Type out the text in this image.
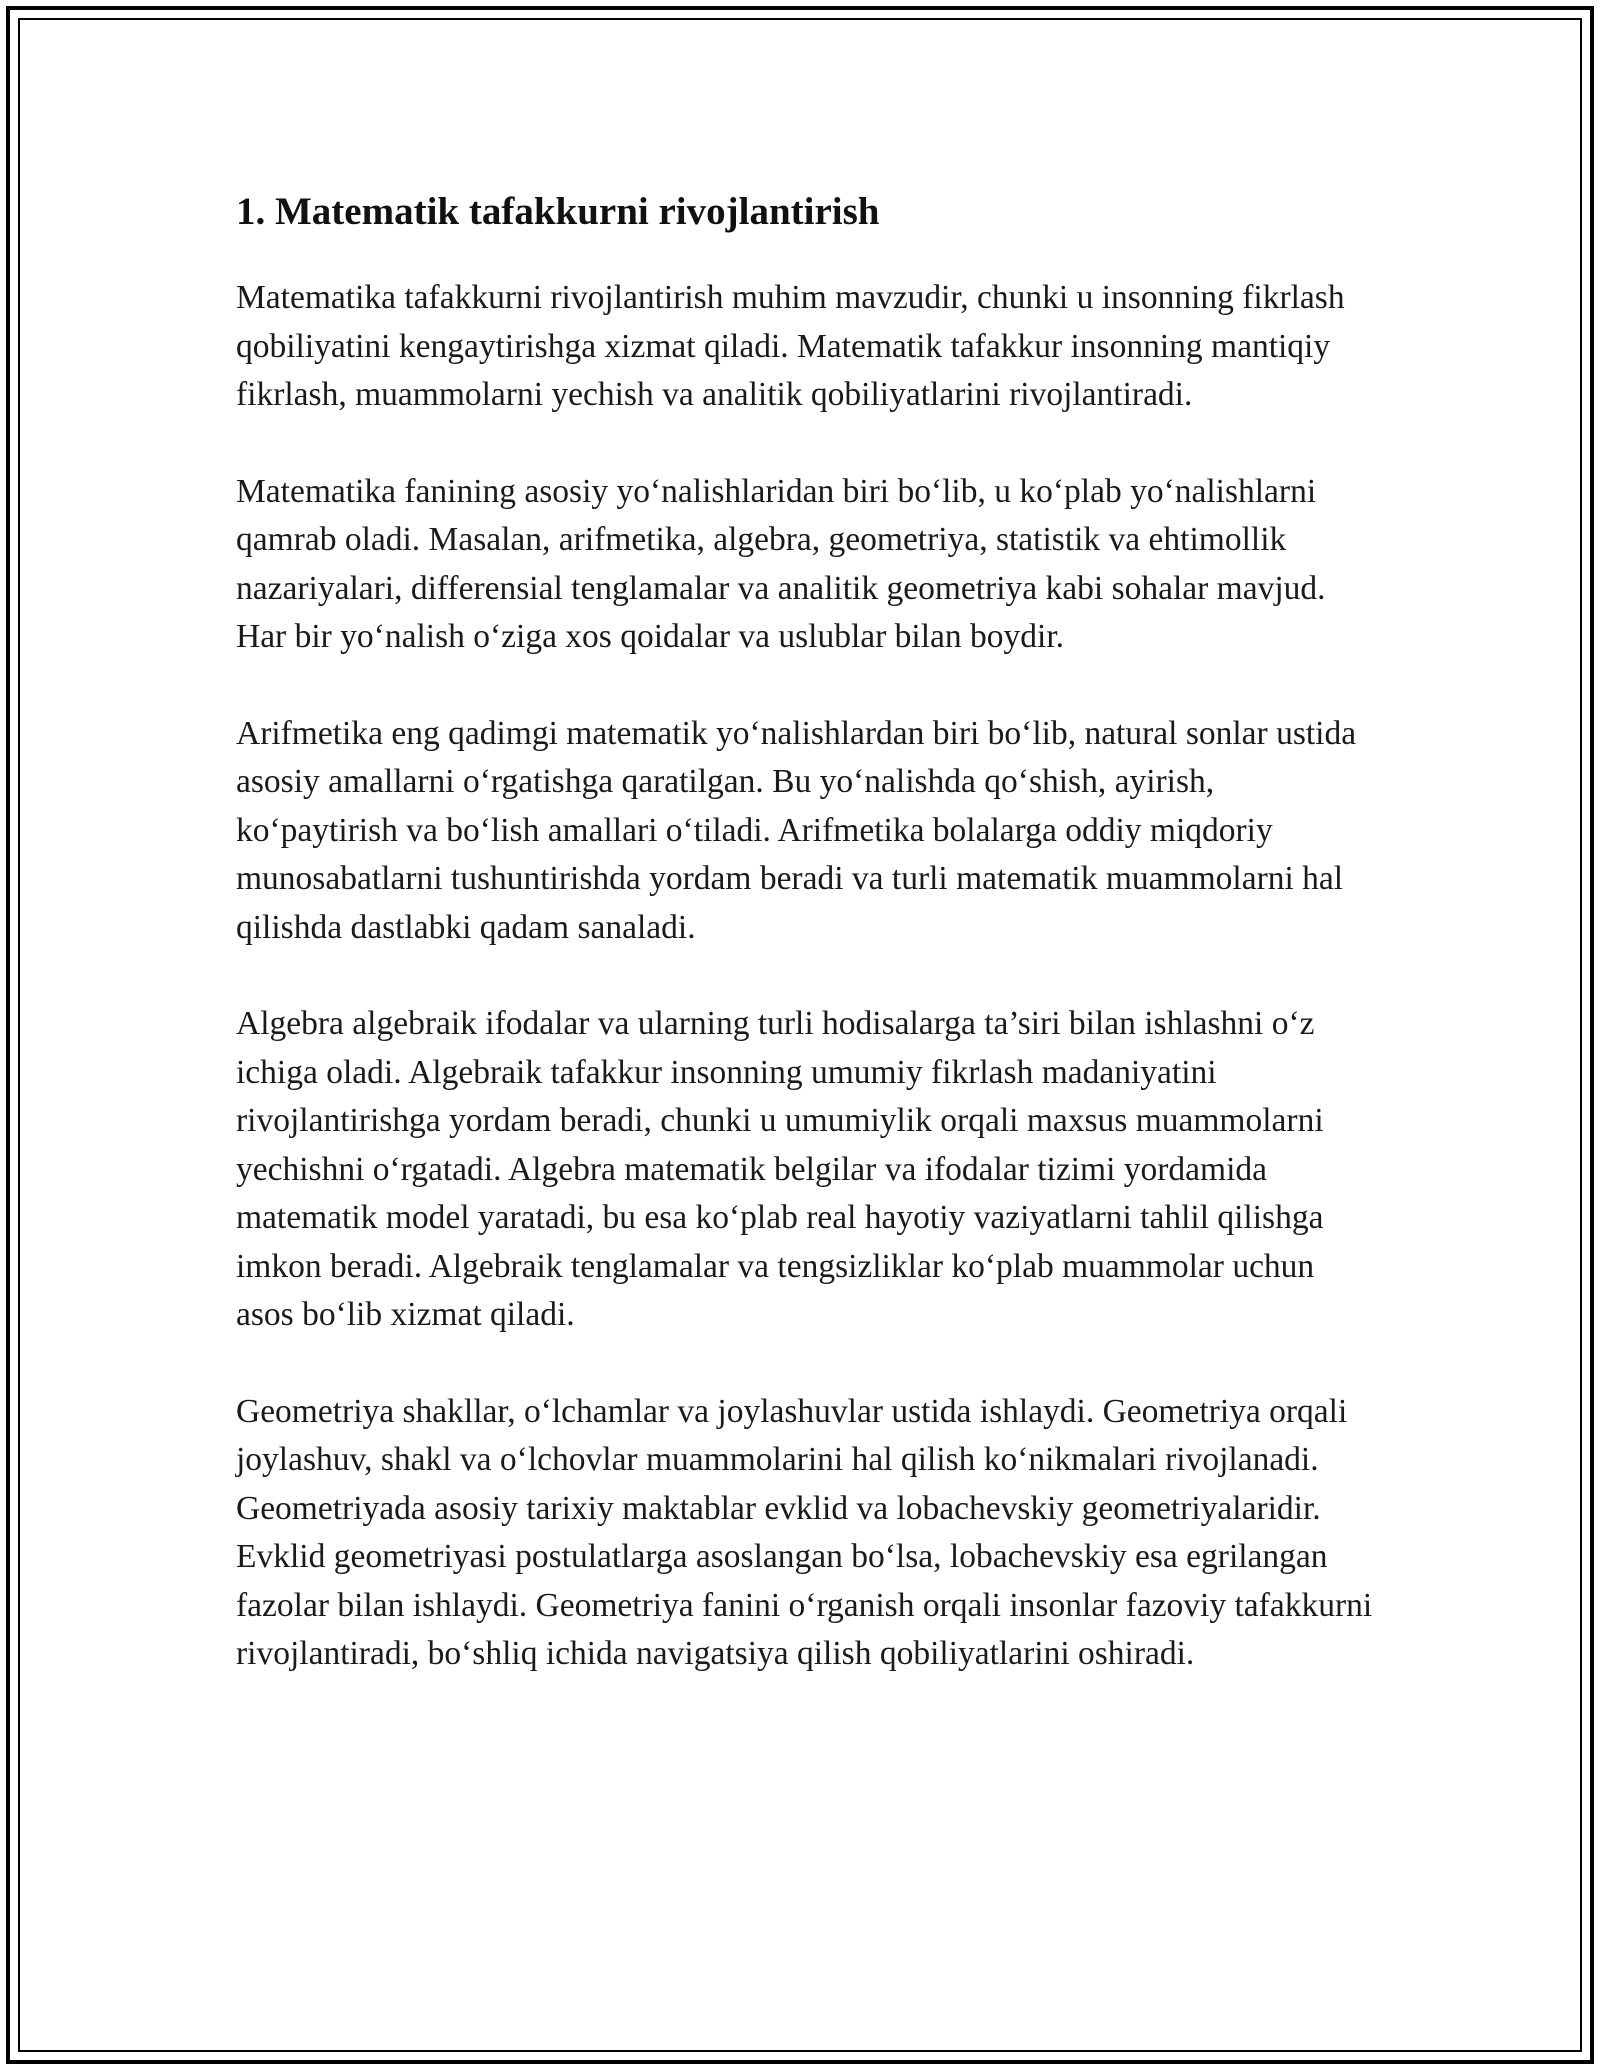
1. Matematik tafakkurni rivojlantirish

Matematika tafakkurni rivojlantirish muhim mavzudir, chunki u insonning fikrlash qobiliyatini kengaytirishga xizmat qiladi. Matematik tafakkur insonning mantiqiy fikrlash, muammolarni yechish va analitik qobiliyatlarini rivojlantiradi.

Matematika fanining asosiy yo‘nalishlaridan biri bo‘lib, u ko‘plab yo‘nalishlarni qamrab oladi. Masalan, arifmetika, algebra, geometriya, statistik va ehtimollik nazariyalari, differensial tenglamalar va analitik geometriya kabi sohalar mavjud. Har bir yo‘nalish o‘ziga xos qoidalar va uslublar bilan boydir.

Arifmetika eng qadimgi matematik yo‘nalishlardan biri bo‘lib, natural sonlar ustida asosiy amallarni o‘rgatishga qaratilgan. Bu yo‘nalishda qo‘shish, ayirish, ko‘paytirish va bo‘lish amallari o‘tiladi. Arifmetika bolalarga oddiy miqdoriy munosabatlarni tushuntirishda yordam beradi va turli matematik muammolarni hal qilishda dastlabki qadam sanaladi.

Algebra algebraik ifodalar va ularning turli hodisalarga ta’siri bilan ishlashni o‘z ichiga oladi. Algebraik tafakkur insonning umumiy fikrlash madaniyatini rivojlantirishga yordam beradi, chunki u umumiylik orqali maxsus muammolarni yechishni o‘rgatadi. Algebra matematik belgilar va ifodalar tizimi yordamida matematik model yaratadi, bu esa ko‘plab real hayotiy vaziyatlarni tahlil qilishga imkon beradi. Algebraik tenglamalar va tengsizliklar ko‘plab muammolar uchun asos bo‘lib xizmat qiladi.

Geometriya shakllar, o‘lchamlar va joylashuvlar ustida ishlaydi. Geometriya orqali joylashuv, shakl va o‘lchovlar muammolarini hal qilish ko‘nikmalari rivojlanadi. Geometriyada asosiy tarixiy maktablar evklid va lobachevskiy geometriyalaridir. Evklid geometriyasi postulatlarga asoslangan bo‘lsa, lobachevskiy esa egrilangan fazolar bilan ishlaydi. Geometriya fanini o‘rganish orqali insonlar fazoviy tafakkurni rivojlantiradi, bo‘shliq ichida navigatsiya qilish qobiliyatlarini oshiradi.
